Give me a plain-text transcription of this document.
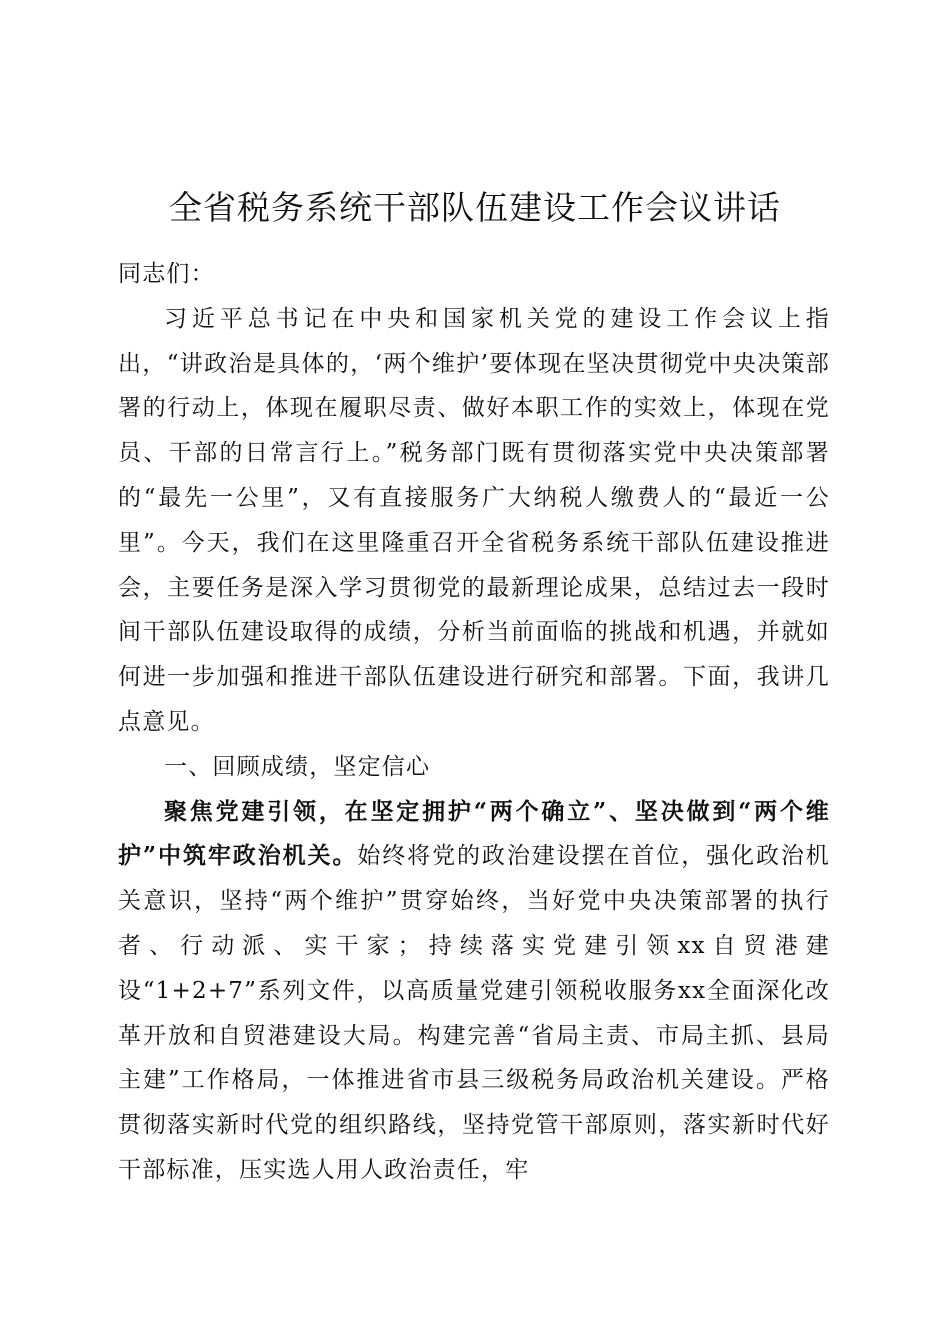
全省税务系统干部队伍建设工作会议讲话

同志们：

习近平总书记在中央和国家机关党的建设工作会议上指出，“讲政治是具体的，‘两个维护’要体现在坚决贯彻党中央决策部署的行动上，体现在履职尽责、做好本职工作的实效上，体现在党员、干部的日常言行上。”税务部门既有贯彻落实党中央决策部署的“最先一公里”，又有直接服务广大纳税人缴费人的“最近一公里”。今天，我们在这里隆重召开全省税务系统干部队伍建设推进会，主要任务是深入学习贯彻党的最新理论成果，总结过去一段时间干部队伍建设取得的成绩，分析当前面临的挑战和机遇，并就如何进一步加强和推进干部队伍建设进行研究和部署。下面，我讲几点意见。

一、回顾成绩，坚定信心

聚焦党建引领，在坚定拥护“两个确立”、坚决做到“两个维护”中筑牢政治机关。始终将党的政治建设摆在首位，强化政治机关意识，坚持“两个维护”贯穿始终，当好党中央决策部署的执行者、行动派、实干家；持续落实党建引领xx自贸港建设“1+2+7”系列文件，以高质量党建引领税收服务xx全面深化改革开放和自贸港建设大局。构建完善“省局主责、市局主抓、县局主建”工作格局，一体推进省市县三级税务局政治机关建设。严格贯彻落实新时代党的组织路线，坚持党管干部原则，落实新时代好干部标准，压实选人用人政治责任，牢
